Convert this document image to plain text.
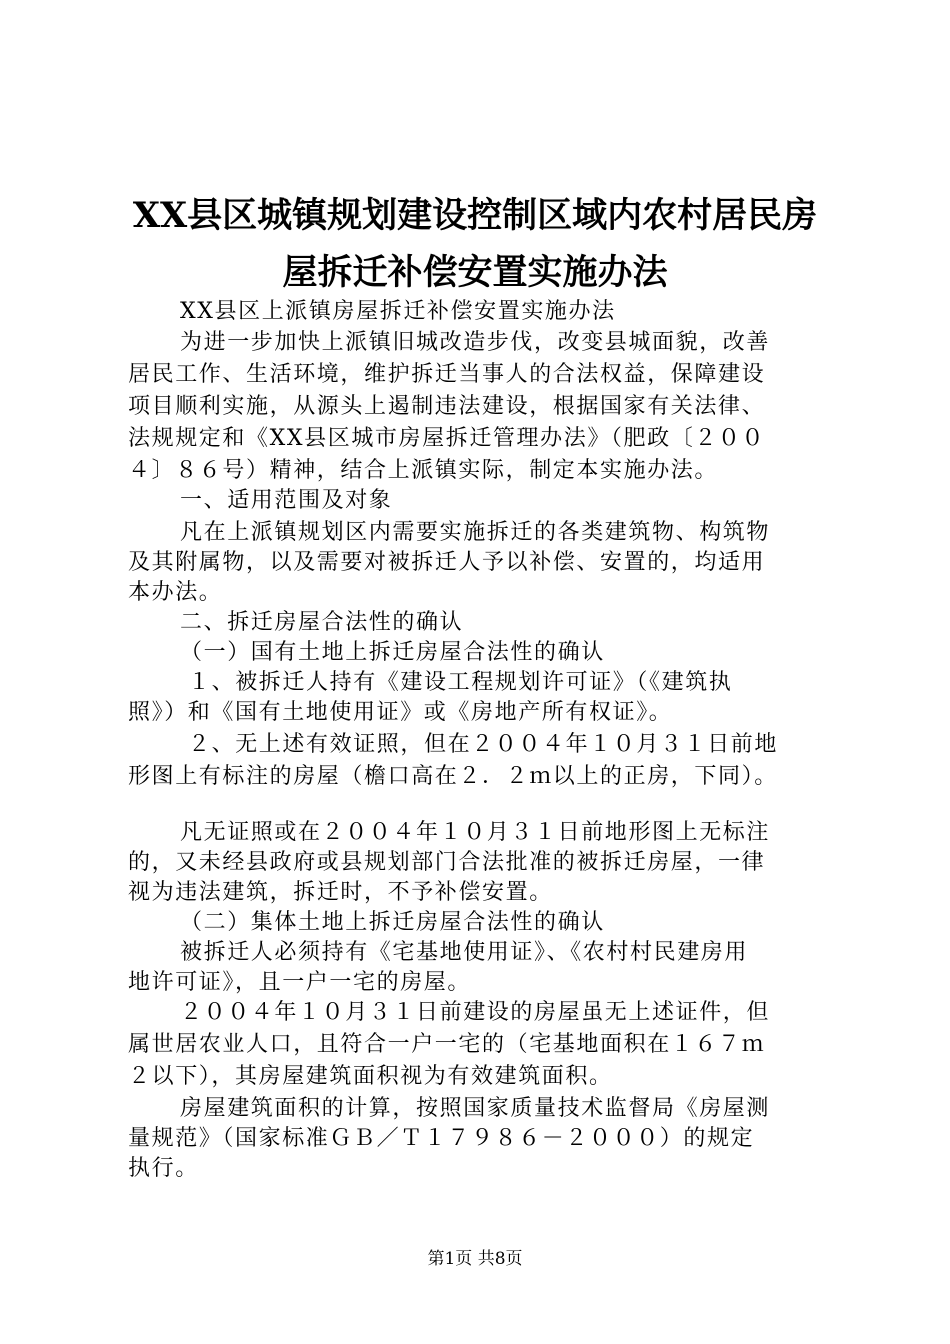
XX县区城镇规划建设控制区域内农村居民房
屋拆迁补偿安置实施办法
XX县区上派镇房屋拆迁补偿安置实施办法
为进一步加快上派镇旧城改造步伐，改变县城面貌，改善
居民工作、生活环境，维护拆迁当事人的合法权益，保障建设
项目顺利实施，从源头上遏制违法建设，根据国家有关法律、
法规规定和《XX县区城市房屋拆迁管理办法》（肥政〔２００
４〕８６号）精神，结合上派镇实际，制定本实施办法。
一、适用范围及对象
凡在上派镇规划区内需要实施拆迁的各类建筑物、构筑物
及其附属物，以及需要对被拆迁人予以补偿、安置的，均适用
本办法。
二、拆迁房屋合法性的确认
（一）国有土地上拆迁房屋合法性的确认
１、被拆迁人持有《建设工程规划许可证》（《建筑执
照》）和《国有土地使用证》或《房地产所有权证》。
２、无上述有效证照，但在２００４年１０月３１日前地
形图上有标注的房屋（檐口高在２．２ｍ以上的正房，下同）。
凡无证照或在２００４年１０月３１日前地形图上无标注
的，又未经县政府或县规划部门合法批准的被拆迁房屋，一律
视为违法建筑，拆迁时，不予补偿安置。
（二）集体土地上拆迁房屋合法性的确认
被拆迁人必须持有《宅基地使用证》、《农村村民建房用
地许可证》，且一户一宅的房屋。
２００４年１０月３１日前建设的房屋虽无上述证件，但
属世居农业人口，且符合一户一宅的（宅基地面积在１６７ｍ
２以下），其房屋建筑面积视为有效建筑面积。
房屋建筑面积的计算，按照国家质量技术监督局《房屋测
量规范》（国家标准ＧＢ／Ｔ１７９８６－２０００）的规定
执行。
第1页 共8页
